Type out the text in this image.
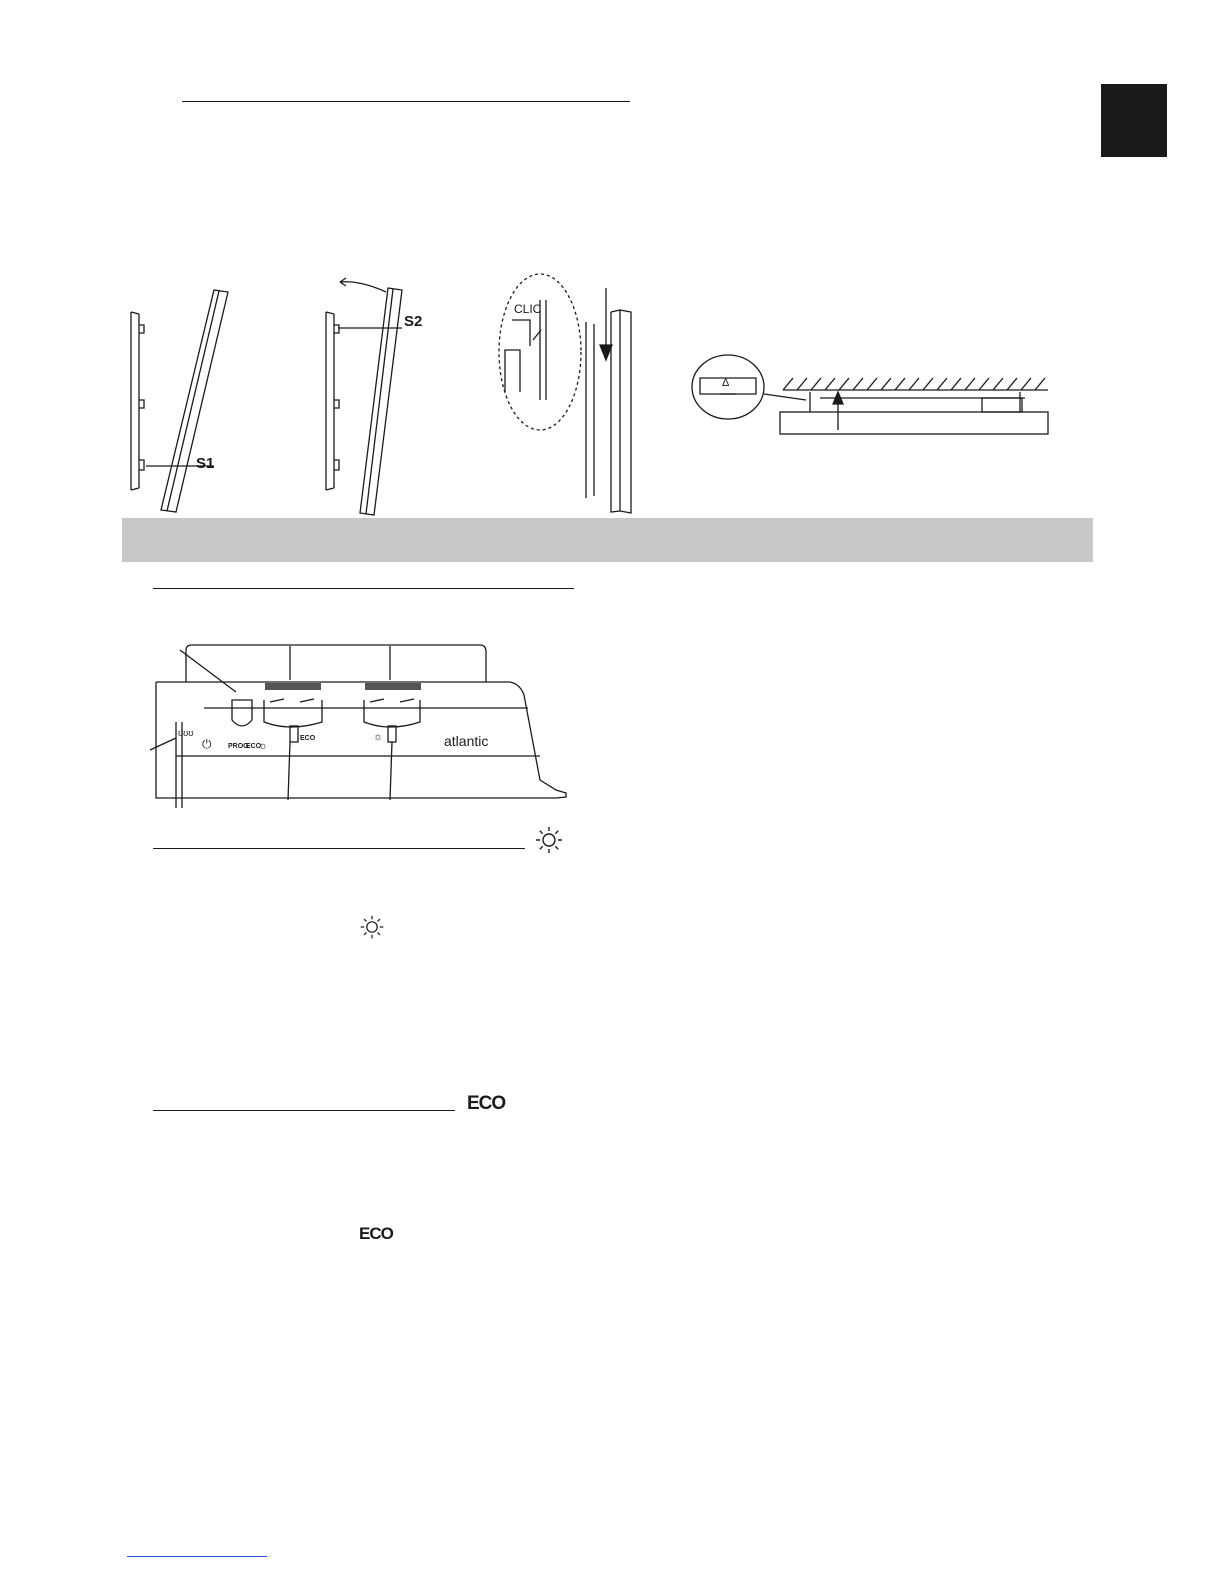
S1
S2
CLIC
Δ
ʊʊʊ
⏻ PROG
ECO
☼
ECO	☼	atlantic
ECO
ECO
